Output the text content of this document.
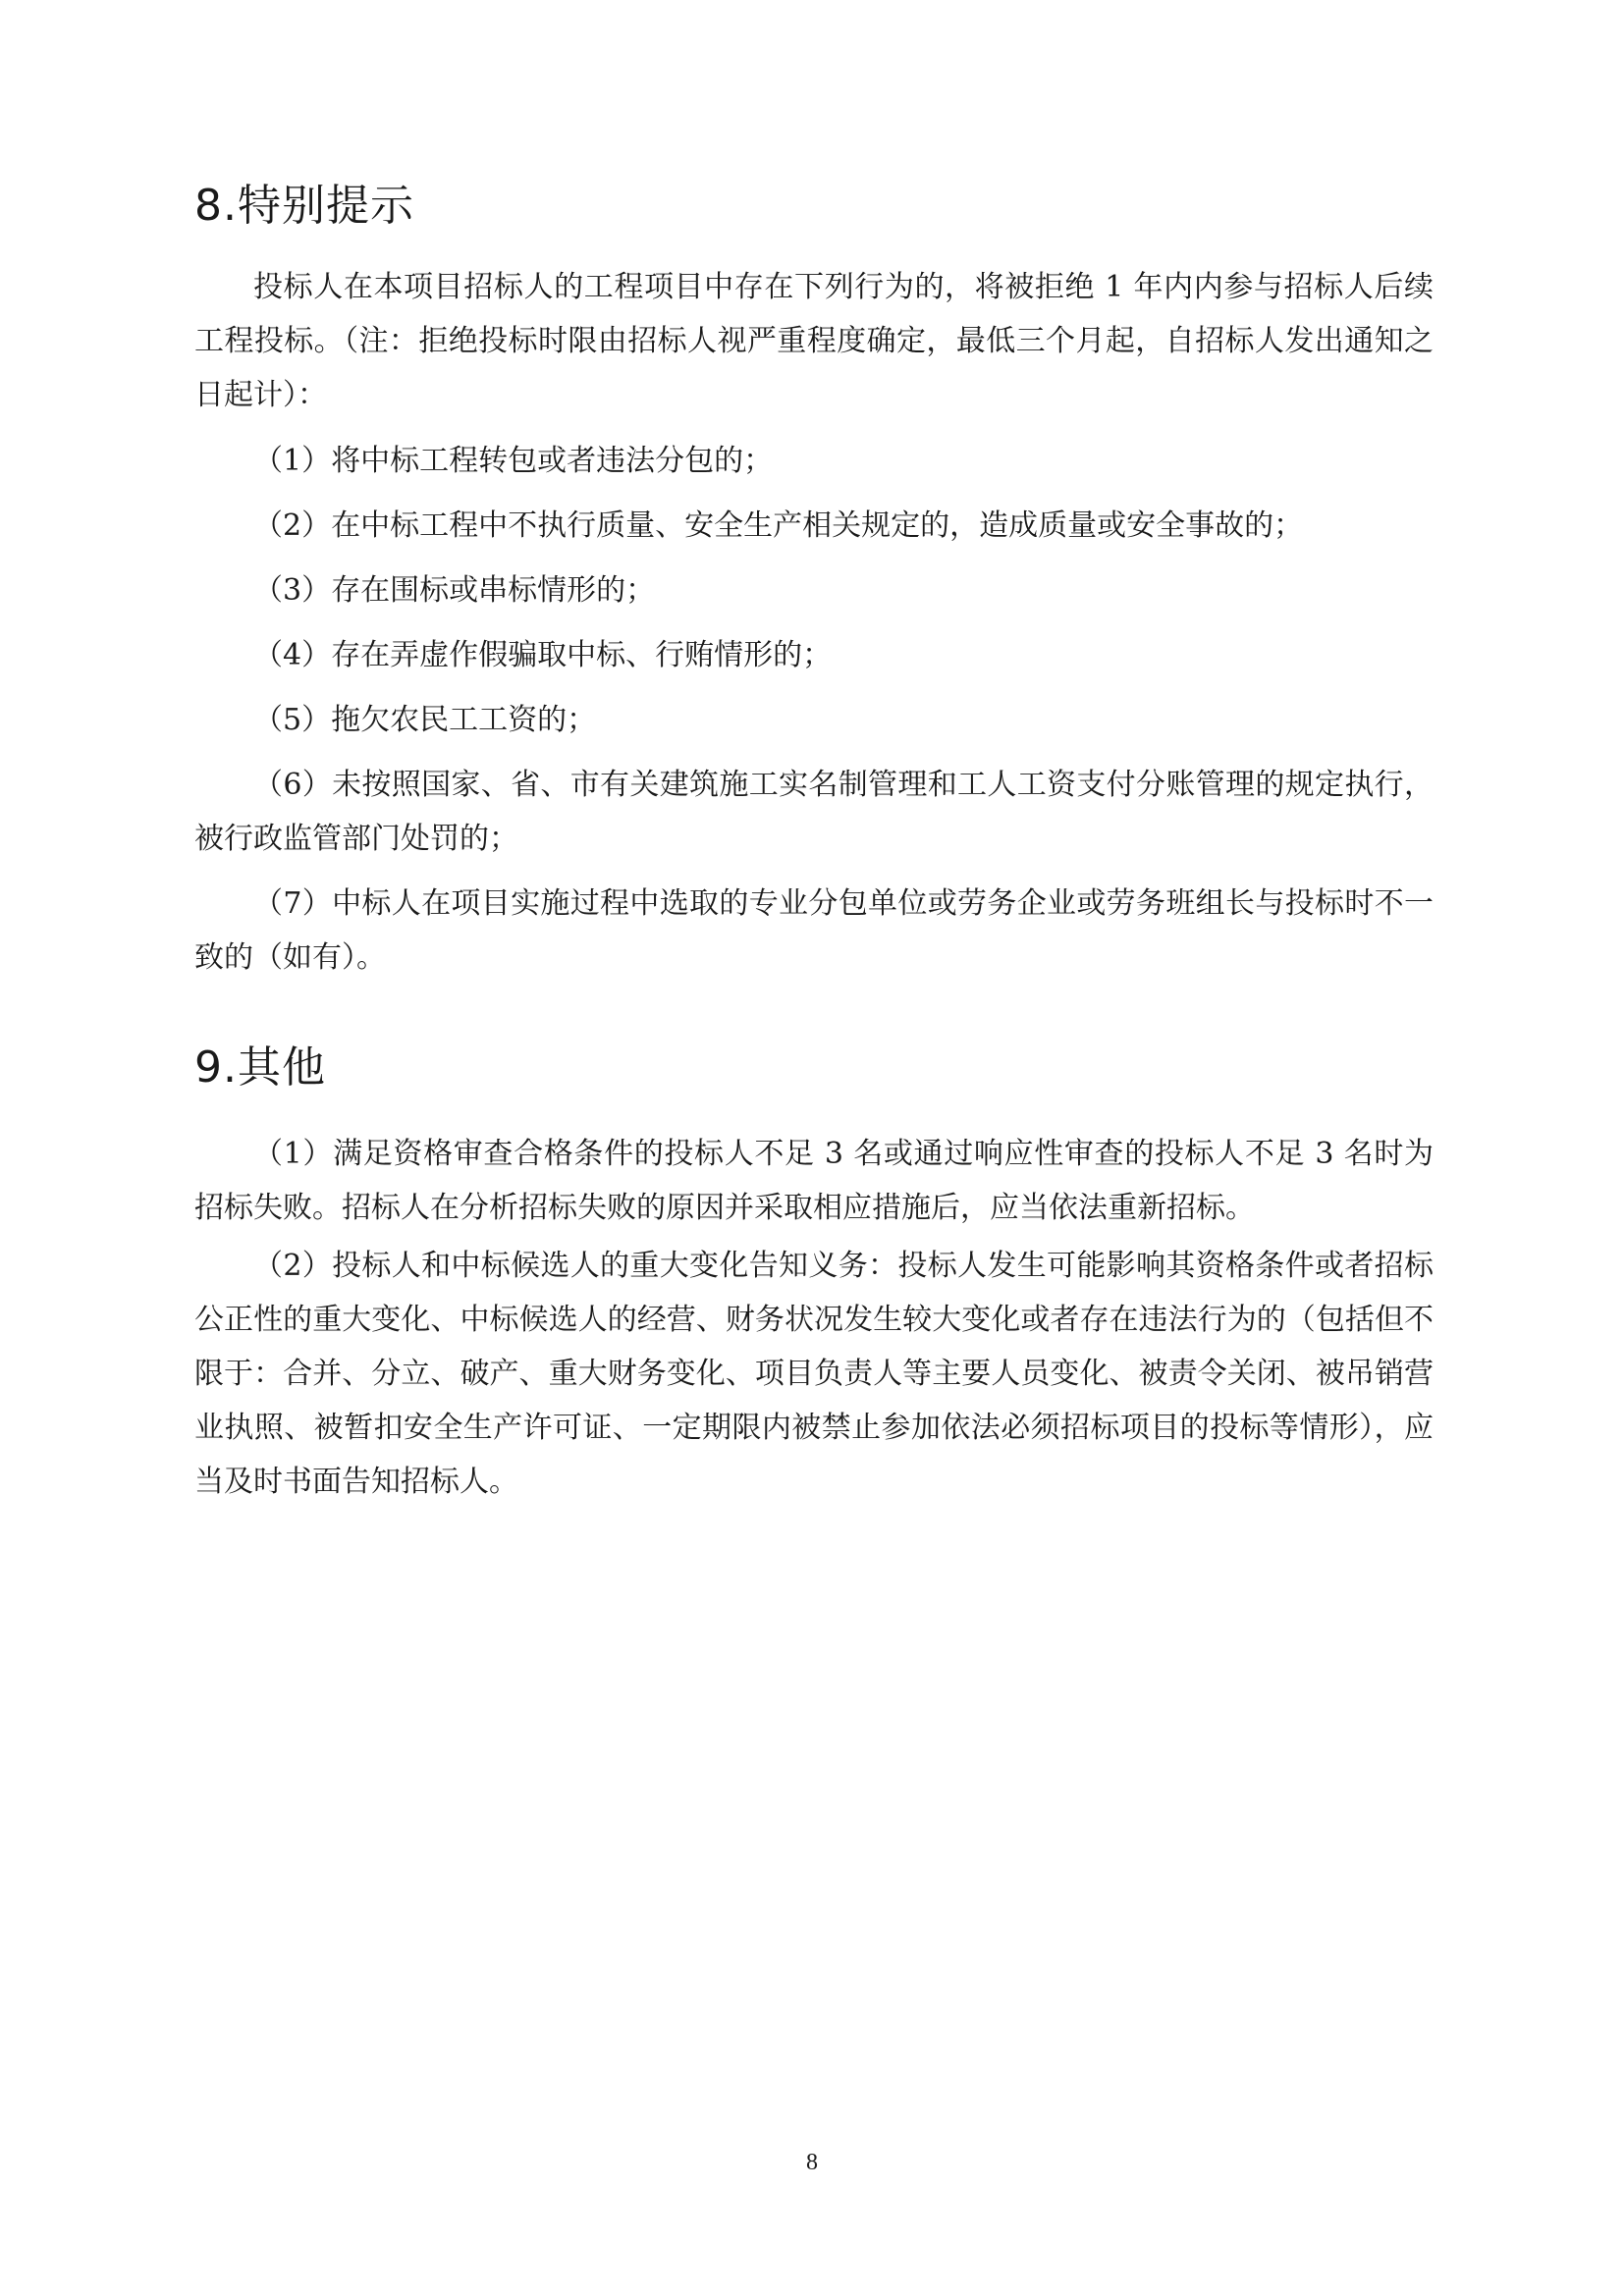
8.特别提示

投标人在本项目招标人的工程项目中存在下列行为的，将被拒绝 1 年内内参与招标人后续工程投标。（注：拒绝投标时限由招标人视严重程度确定，最低三个月起，自招标人发出通知之日起计）：

（1）将中标工程转包或者违法分包的；

（2）在中标工程中不执行质量、安全生产相关规定的，造成质量或安全事故的；

（3）存在围标或串标情形的；

（4）存在弄虚作假骗取中标、行贿情形的；

（5）拖欠农民工工资的；

（6）未按照国家、省、市有关建筑施工实名制管理和工人工资支付分账管理的规定执行，被行政监管部门处罚的；

（7）中标人在项目实施过程中选取的专业分包单位或劳务企业或劳务班组长与投标时不一致的（如有）。

9.其他

（1）满足资格审查合格条件的投标人不足 3 名或通过响应性审查的投标人不足 3 名时为招标失败。招标人在分析招标失败的原因并采取相应措施后，应当依法重新招标。

（2）投标人和中标候选人的重大变化告知义务：投标人发生可能影响其资格条件或者招标公正性的重大变化、中标候选人的经营、财务状况发生较大变化或者存在违法行为的（包括但不限于：合并、分立、破产、重大财务变化、项目负责人等主要人员变化、被责令关闭、被吊销营业执照、被暂扣安全生产许可证、一定期限内被禁止参加依法必须招标项目的投标等情形），应当及时书面告知招标人。

8
